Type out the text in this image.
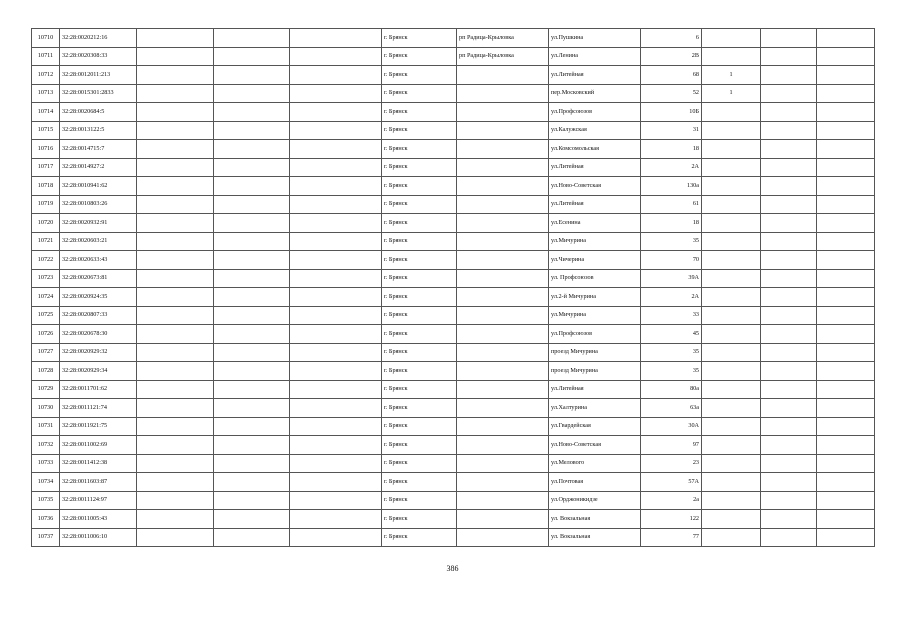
10710	32:28:0020212:16				г. Брянск	рп Радица-Крыловка	ул.Пушкина	6			
10711	32:28:0020308:33				г. Брянск	рп Радица-Крыловка	ул.Ленина	2В			
10712	32:28:0012011:213				г. Брянск		ул.Литейная	68	1		
10713	32:28:0015301:2833				г. Брянск		пер.Московский	52	1		
10714	32:28:0020684:5				г. Брянск		ул.Профсоюзов	10Б			
10715	32:28:0013122:5				г. Брянск		ул.Калужская	31			
10716	32:28:0014715:7				г. Брянск		ул.Комсомольская	18			
10717	32:28:0014927:2				г. Брянск		ул.Литейная	2А			
10718	32:28:0010941:62				г. Брянск		ул.Ново-Советская	130а			
10719	32:28:0010803:26				г. Брянск		ул.Литейная	61			
10720	32:28:0020932:91				г. Брянск		ул.Есенина	18			
10721	32:28:0020603:21				г. Брянск		ул.Мичурина	35			
10722	32:28:0020633:43				г. Брянск		ул.Чичерина	70			
10723	32:28:0020673:81				г. Брянск		ул. Профсоюзов	39А			
10724	32:28:0020924:35				г. Брянск		ул.2-й Мичурина	2А			
10725	32:28:0020807:33				г. Брянск		ул.Мичурина	33			
10726	32:28:0020678:30				г. Брянск		ул.Профсоюзов	45			
10727	32:28:0020929:32				г. Брянск		проезд Мичурина	35			
10728	32:28:0020929:34				г. Брянск		проезд Мичурина	35			
10729	32:28:0011701:62				г. Брянск		ул.Литейная	80а			
10730	32:28:0011121:74				г. Брянск		ул.Халтурина	63а			
10731	32:28:0011921:75				г. Брянск		ул.Гвардейская	30А			
10732	32:28:0011002:69				г. Брянск		ул.Ново-Советская	97			
10733	32:28:0011412:38				г. Брянск		ул.Мелового	23			
10734	32:28:0011603:87				г. Брянск		ул.Почтовая	57А			
10735	32:28:0011124:97				г. Брянск		ул.Орджоникидзе	2а			
10736	32:28:0011005:43				г. Брянск		ул. Вокзальная	122			
10737	32:28:0011006:10				г. Брянск		ул. Вокзальная	77			
386
